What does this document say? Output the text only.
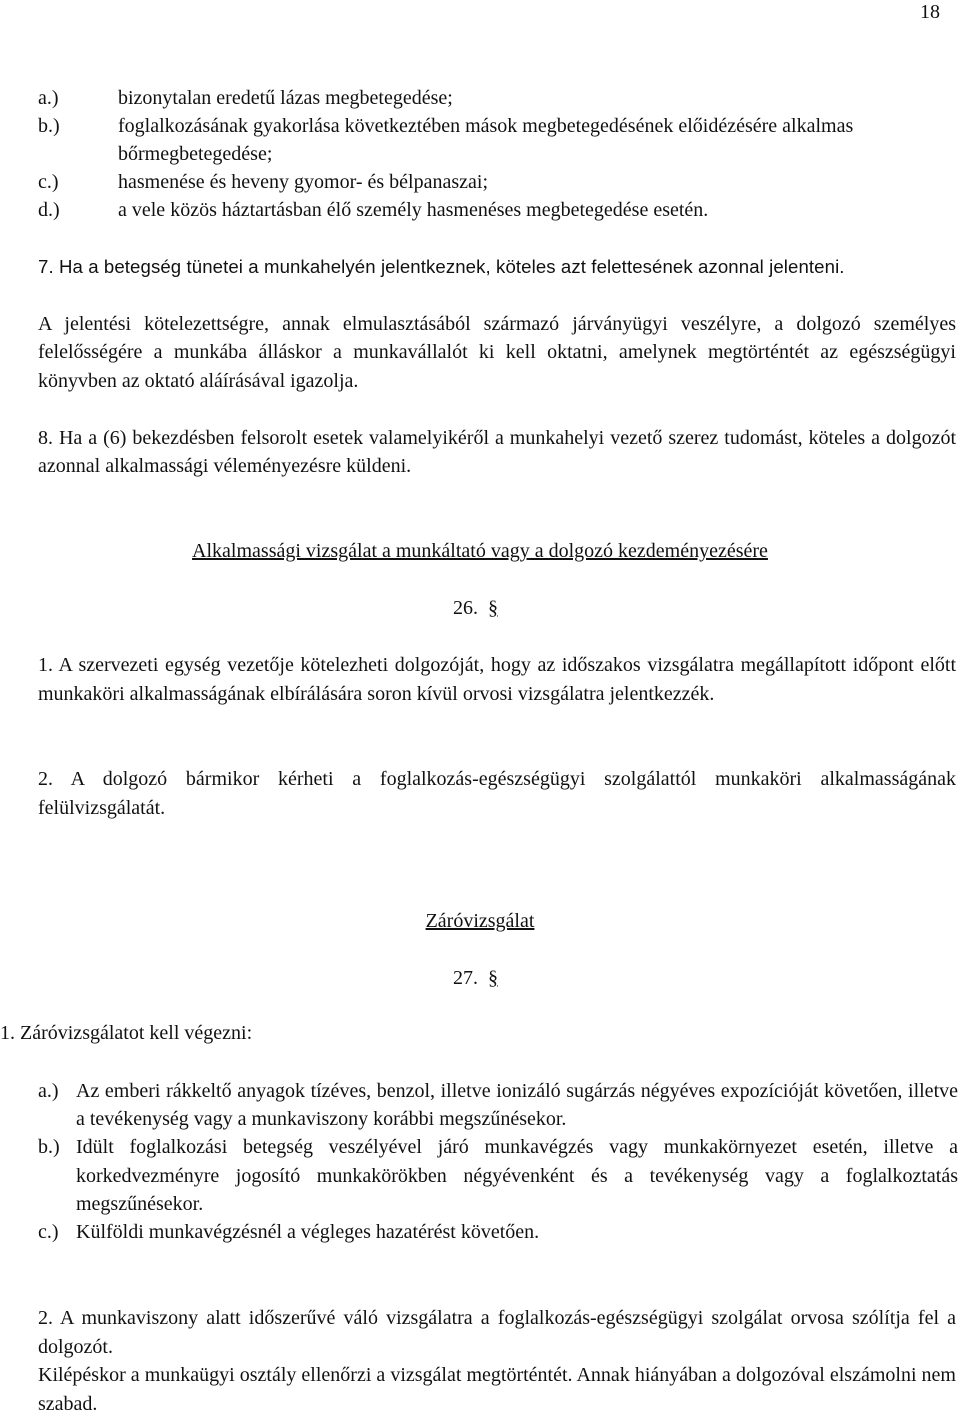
18
a.)	bizonytalan eredetű lázas megbetegedése;
b.)	foglalkozásának gyakorlása következtében mások megbetegedésének előidézésére alkalmas bőrmegbetegedése;
c.)	hasmenése és heveny gyomor- és bélpanaszai;
d.)	a vele közös háztartásban élő személy hasmenéses megbetegedése esetén.

7. Ha a betegség tünetei a munkahelyén jelentkeznek, köteles azt felettesének azonnal jelenteni.

A jelentési kötelezettségre, annak elmulasztásából származó járványügyi veszélyre, a dolgozó személyes felelősségére a munkába álláskor a munkavállalót ki kell oktatni, amelynek megtörténtét az egészségügyi könyvben az oktató aláírásával igazolja.

8. Ha a (6) bekezdésben felsorolt esetek valamelyikéről a munkahelyi vezető szerez tudomást, köteles a dolgozót azonnal alkalmassági véleményezésre küldeni.

Alkalmassági vizsgálat a munkáltató vagy a dolgozó kezdeményezésére
26. §

1. A szervezeti egység vezetője kötelezheti dolgozóját, hogy az időszakos vizsgálatra megállapított időpont előtt munkaköri alkalmasságának elbírálására soron kívül orvosi vizsgálatra jelentkezzék.

2. A dolgozó bármikor kérheti a foglalkozás-egészségügyi szolgálattól munkaköri alkalmasságának felülvizsgálatát.

Záróvizsgálat
27. §
1. Záróvizsgálatot kell végezni:
a.) Az emberi rákkeltő anyagok tízéves, benzol, illetve ionizáló sugárzás négyéves expozícióját követően, illetve a tevékenység vagy a munkaviszony korábbi megszűnésekor.
b.) Idült foglalkozási betegség veszélyével járó munkavégzés vagy munkakörnyezet esetén, illetve a korkedvezményre jogosító munkakörökben négyévenként és a tevékenység vagy a foglalkoztatás megszűnésekor.
c.) Külföldi munkavégzésnél a végleges hazatérést követően.

2. A munkaviszony alatt időszerűvé váló vizsgálatra a foglalkozás-egészségügyi szolgálat orvosa szólítja fel a dolgozót.

Kilépéskor a munkaügyi osztály ellenőrzi a vizsgálat megtörténtét. Annak hiányában a dolgozóval elszámolni nem szabad.
